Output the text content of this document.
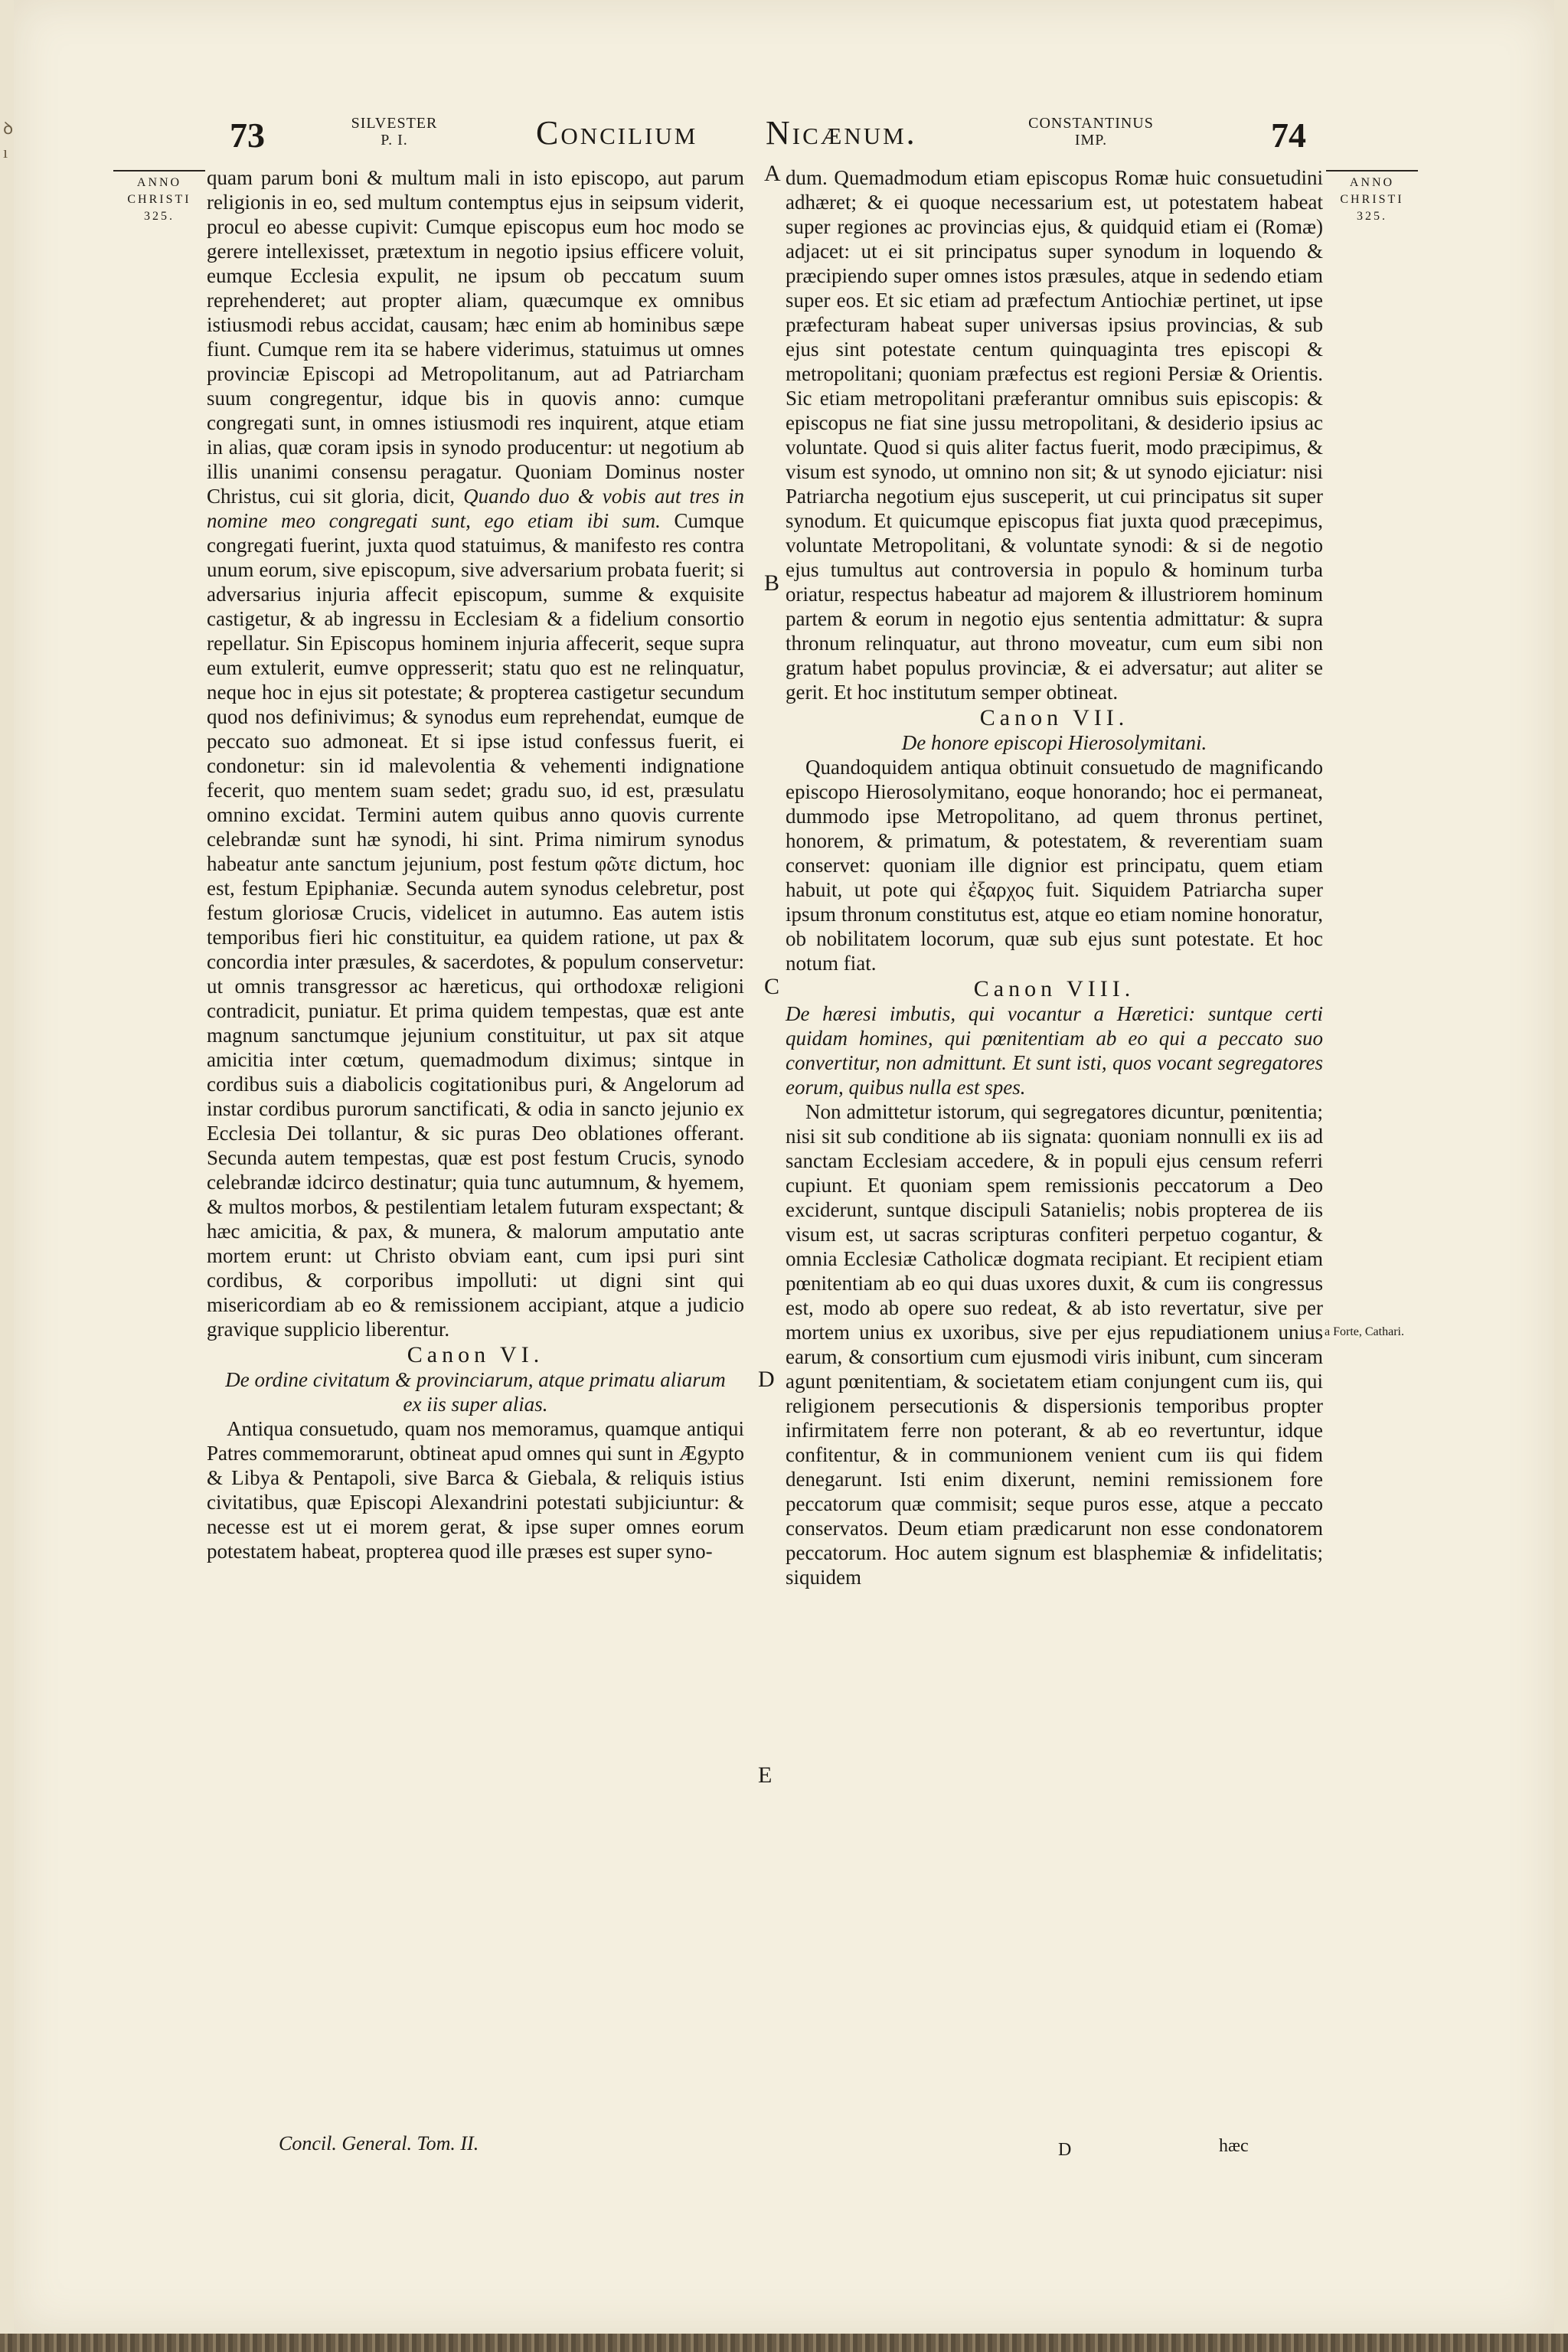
ꝺ
ı	73	SILVESTER
P. I.	Concilium Nicænum.	CONSTANTINUS
IMP.	74
ANNO
CHRISTI
325.
ANNO
CHRISTI
325.
A
B
C
D
E

quam parum boni & multum mali in isto episcopo, aut parum religionis in eo, sed multum contemptus ejus in seipsum viderit, procul eo abesse cupivit: Cumque episcopus eum hoc modo se gerere intellexisset, prætextum in negotio ipsius efficere voluit, eumque Ecclesia expulit, ne ipsum ob peccatum suum reprehenderet; aut propter aliam, quæcumque ex omnibus istiusmodi rebus accidat, causam; hæc enim ab hominibus sæpe fiunt. Cumque rem ita se habere viderimus, statuimus ut omnes provinciæ Episcopi ad Metropolitanum, aut ad Patriarcham suum congregentur, idque bis in quovis anno: cumque congregati sunt, in omnes istiusmodi res inquirent, atque etiam in alias, quæ coram ipsis in synodo producentur: ut negotium ab illis unanimi consensu peragatur. Quoniam Dominus noster Christus, cui sit gloria, dicit, Quando duo & vobis aut tres in nomine meo congregati sunt, ego etiam ibi sum. Cumque congregati fuerint, juxta quod statuimus, & manifesto res contra unum eorum, sive episcopum, sive adversarium probata fuerit; si adversarius injuria affecit episcopum, summe & exquisite castigetur, & ab ingressu in Ecclesiam & a fidelium consortio repellatur. Sin Episcopus hominem injuria affecerit, seque supra eum extulerit, eumve oppresserit; statu quo est ne relinquatur, neque hoc in ejus sit potestate; & propterea castigetur secundum quod nos definivimus; & synodus eum reprehendat, eumque de peccato suo admoneat. Et si ipse istud confessus fuerit, ei condonetur: sin id malevolentia & vehementi indignatione fecerit, quo mentem suam sedet; gradu suo, id est, præsulatu omnino excidat. Termini autem quibus anno quovis currente celebrandæ sunt hæ synodi, hi sint. Prima nimirum synodus habeatur ante sanctum jejunium, post festum φῶτε dictum, hoc est, festum Epiphaniæ. Secunda autem synodus celebretur, post festum gloriosæ Crucis, videlicet in autumno. Eas autem istis temporibus fieri hic constituitur, ea quidem ratione, ut pax & concordia inter præsules, & sacerdotes, & populum conservetur: ut omnis transgressor ac hæreticus, qui orthodoxæ religioni contradicit, puniatur. Et prima quidem tempestas, quæ est ante magnum sanctumque jejunium constituitur, ut pax sit atque amicitia inter cœtum, quemadmodum diximus; sintque in cordibus suis a diabolicis cogitationibus puri, & Angelorum ad instar cordibus purorum sanctificati, & odia in sancto jejunio ex Ecclesia Dei tollantur, & sic puras Deo oblationes offerant. Secunda autem tempestas, quæ est post festum Crucis, synodo celebrandæ idcirco destinatur; quia tunc autumnum, & hyemem, & multos morbos, & pestilentiam letalem futuram exspectant; & hæc amicitia, & pax, & munera, & malorum amputatio ante mortem erunt: ut Christo obviam eant, cum ipsi puri sint cordibus, & corporibus impolluti: ut digni sint qui misericordiam ab eo & remissionem accipiant, atque a judicio gravique supplicio liberentur.

Canon VI.

De ordine civitatum & provinciarum, atque primatu aliarum ex iis super alias.

Antiqua consuetudo, quam nos memoramus, quamque antiqui Patres commemorarunt, obtineat apud omnes qui sunt in Ægypto & Libya & Pentapoli, sive Barca & Giebala, & reliquis istius civitatibus, quæ Episcopi Alexandrini potestati subjiciuntur: & necesse est ut ei morem gerat, & ipse super omnes eorum potestatem habeat, propterea quod ille præses est super syno-

dum. Quemadmodum etiam episcopus Romæ huic consuetudini adhæret; & ei quoque necessarium est, ut potestatem habeat super regiones ac provincias ejus, & quidquid etiam ei (Romæ) adjacet: ut ei sit principatus super synodum in loquendo & præcipiendo super omnes istos præsules, atque in sedendo etiam super eos. Et sic etiam ad præfectum Antiochiæ pertinet, ut ipse præfecturam habeat super universas ipsius provincias, & sub ejus sint potestate centum quinquaginta tres episcopi & metropolitani; quoniam præfectus est regioni Persiæ & Orientis. Sic etiam metropolitani præferantur omnibus suis episcopis: & episcopus ne fiat sine jussu metropolitani, & desiderio ipsius ac voluntate. Quod si quis aliter factus fuerit, modo præcipimus, & visum est synodo, ut omnino non sit; & ut synodo ejiciatur: nisi Patriarcha negotium ejus susceperit, ut cui principatus sit super synodum. Et quicumque episcopus fiat juxta quod præcepimus, voluntate Metropolitani, & voluntate synodi: & si de negotio ejus tumultus aut controversia in populo & hominum turba oriatur, respectus habeatur ad majorem & illustriorem hominum partem & eorum in negotio ejus sententia admittatur: & supra thronum relinquatur, aut throno moveatur, cum eum sibi non gratum habet populus provinciæ, & ei adversatur; aut aliter se gerit. Et hoc institutum semper obtineat.

Canon VII.

De honore episcopi Hierosolymitani.

Quandoquidem antiqua obtinuit consuetudo de magnificando episcopo Hierosolymitano, eoque honorando; hoc ei permaneat, dummodo ipse Metropolitano, ad quem thronus pertinet, honorem, & primatum, & potestatem, & reverentiam suam conservet: quoniam ille dignior est principatu, quem etiam habuit, ut pote qui ἐξαρχος fuit. Siquidem Patriarcha super ipsum thronum constitutus est, atque eo etiam nomine honoratur, ob nobilitatem locorum, quæ sub ejus sunt potestate. Et hoc notum fiat.

Canon VIII.

De hæresi imbutis, qui vocantur a Hæretici: suntque certi quidam homines, qui pœnitentiam ab eo qui a peccato suo convertitur, non admittunt. Et sunt isti, quos vocant segregatores eorum, quibus nulla est spes.

Non admittetur istorum, qui segregatores dicuntur, pœnitentia; nisi sit sub conditione ab iis signata: quoniam nonnulli ex iis ad sanctam Ecclesiam accedere, & in populi ejus censum referri cupiunt. Et quoniam spem remissionis peccatorum a Deo exciderunt, suntque discipuli Satanielis; nobis propterea de iis visum est, ut sacras scripturas confiteri perpetuo cogantur, & omnia Ecclesiæ Catholicæ dogmata recipiant. Et recipient etiam pœnitentiam ab eo qui duas uxores duxit, & cum iis congressus est, modo ab opere suo redeat, & ab isto revertatur, sive per mortem unius ex uxoribus, sive per ejus repudiationem unius earum, & consortium cum ejusmodi viris inibunt, cum sinceram agunt pœnitentiam, & societatem etiam conjungent cum iis, qui religionem persecutionis & dispersionis temporibus propter infirmitatem ferre non poterant, & ab eo revertuntur, idque confitentur, & in communionem venient cum iis qui fidem denegarunt. Isti enim dixerunt, nemini remissionem fore peccatorum quæ commisit; seque puros esse, atque a peccato conservatos. Deum etiam prædicarunt non esse condonatorem peccatorum. Hoc autem signum est blasphemiæ & infidelitatis; siquidem

a Forte, Cathari.
Concil. General. Tom. II.	D	hæc
